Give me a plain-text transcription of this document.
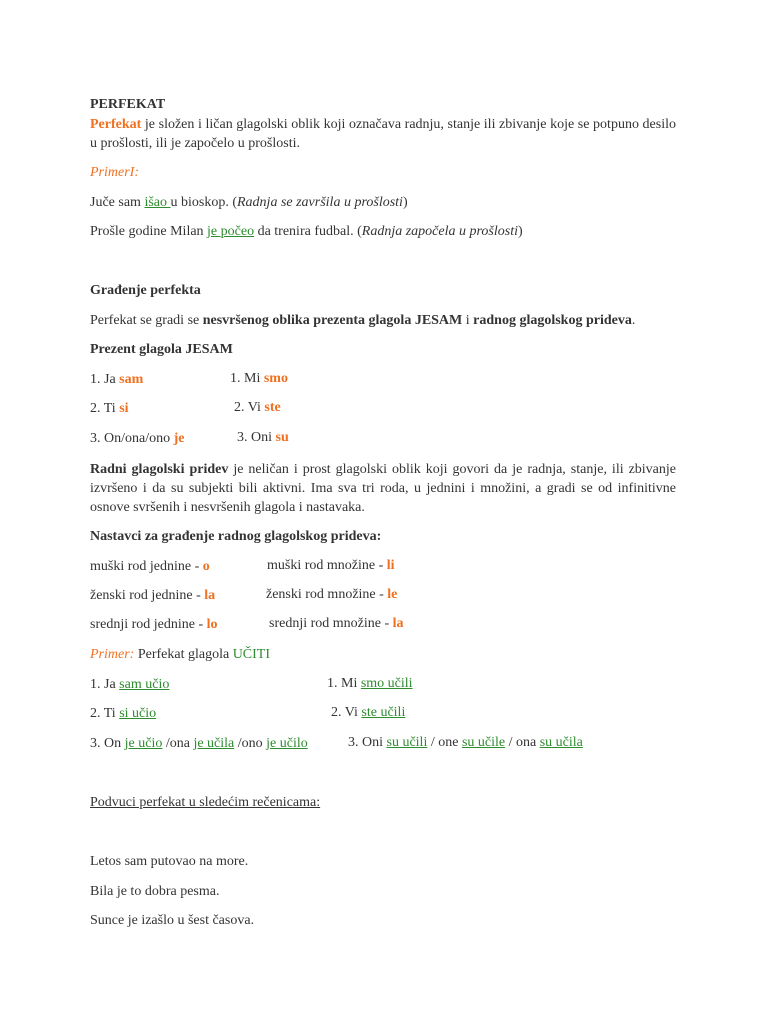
PERFEKAT
Perfekat je složen i ličan glagolski oblik koji označava radnju, stanje ili zbivanje koje se potpuno desilo u prošlosti, ili je započelo u prošlosti.
PrimerI:
Juče sam išao u bioskop. (Radnja se završila u prošlosti)
Prošle godine Milan je počeo da trenira fudbal. (Radnja započela u prošlosti)
Građenje perfekta
Perfekat se gradi se nesvršenog oblika prezenta glagola JESAM i radnog glagolskog prideva.
Prezent glagola JESAM
1. Ja sam	1. Mi smo
2. Ti si	2. Vi ste
3. On/ona/ono je	3. Oni su
Radni glagolski pridev je neličan i prost glagolski oblik koji govori da je radnja, stanje, ili zbivanje izvršeno i da su subjekti bili aktivni. Ima sva tri roda, u jednini i množini, a gradi se od infinitivne osnove svršenih i nesvršenih glagola i nastavaka.
Nastavci za građenje radnog glagolskog prideva:
muški rod jednine - o	muški rod množine - li
ženski rod jednine - la	ženski rod množine - le
srednji rod jednine - lo	srednji rod množine - la
Primer: Perfekat glagola UČITI
1. Ja sam učio	1. Mi smo učili
2. Ti si učio	2. Vi ste učili
3. On je učio /ona je učila /ono je učilo	3. Oni su učili / one su učile / ona su učila
Podvuci perfekat u sledećim rečenicama:
Letos sam putovao na more.
Bila je to dobra pesma.
Sunce je izašlo u šest časova.
